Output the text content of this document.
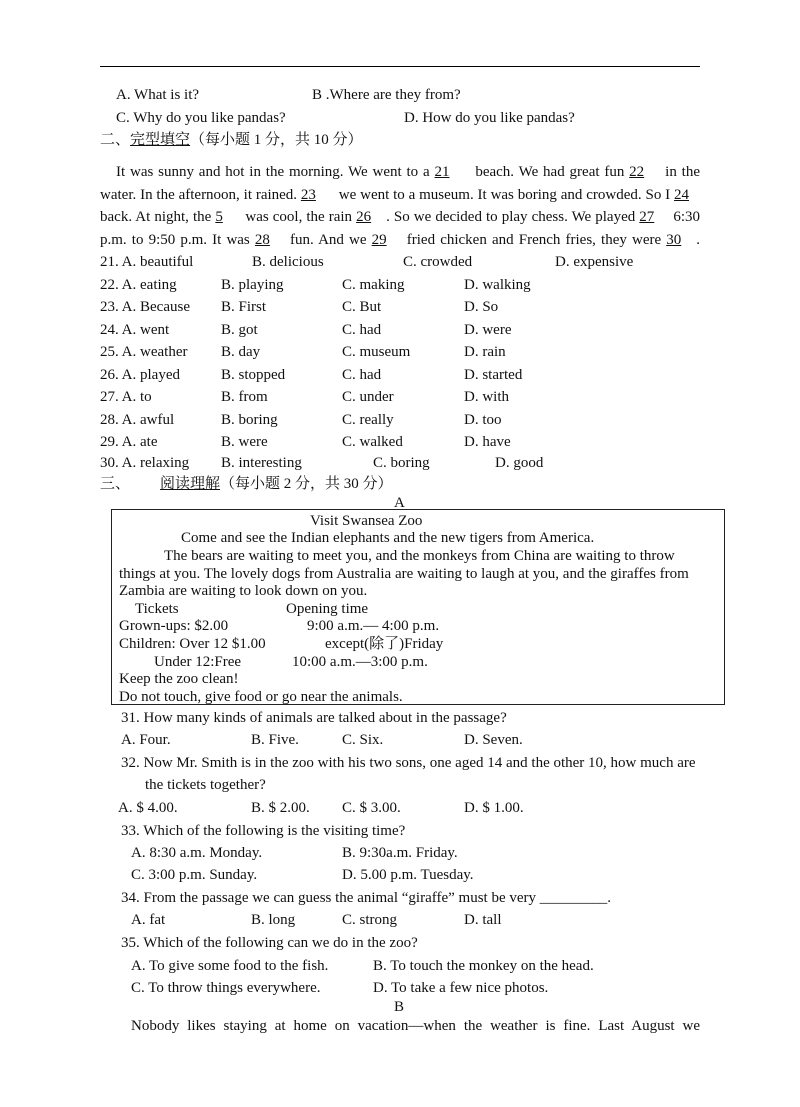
A. What is it?	B .Where are they from?
C. Why do you like pandas?	D. How do you like pandas?
二、完型填空（每小题 1 分，共 10 分）
It was sunny and hot in the morning. We went to a 21 beach. We had great fun 22 in the
water. In the afternoon, it rained. 23 we went to a museum. It was boring and crowded. So I 24
back. At night, the 5 was cool, the rain 26 . So we decided to play chess. We played 27 6:30
p.m. to 9:50 p.m. It was 28 fun. And we 29 fried chicken and French fries, they were 30 .
21. A. beautiful	B. delicious	C. crowded	D. expensive
22. A. eating	B. playing	C. making	D. walking
23. A. Because B. First	C. But	D. So
24. A. went	B. got	C. had	D. were
25. A. weather B. day	C. museum	D. rain
26. A. played	B. stopped	C. had	D. started
27. A. to	B. from	C. under	D. with
28. A. awful	B. boring	C. really	D. too
29. A. ate	B. were	C. walked	D. have
30. A. relaxing B. interesting	C. boring	D. good
三、 阅读理解（每小题 2 分，共 30 分）
A
Visit Swansea Zoo
Come and see the Indian elephants and the new tigers from America.
The bears are waiting to meet you, and the monkeys from China are waiting to throw
things at you. The lovely dogs from Australia are waiting to laugh at you, and the giraffes from
Zambia are waiting to look down on you.
Tickets	Opening time
Grown-ups: $2.00	9:00 a.m.— 4:00 p.m.
Children: Over 12 $1.00	except(除了)Friday
Under 12:Free	10:00 a.m.—3:00 p.m.
Keep the zoo clean!
Do not touch, give food or go near the animals.
31. How many kinds of animals are talked about in the passage?
A. Four.	B. Five.	C. Six.	D. Seven.
32. Now Mr. Smith is in the zoo with his two sons, one aged 14 and the other 10, how much are
the tickets together?
A. $ 4.00.	B. $ 2.00. C. $ 3.00.	D. $ 1.00.
33. Which of the following is the visiting time?
A. 8:30 a.m. Monday.	B. 9:30a.m. Friday.
C. 3:00 p.m. Sunday.	D. 5.00 p.m. Tuesday.
34. From the passage we can guess the animal “giraffe” must be very _________.
A. fat	B. long	C. strong	D. tall
35. Which of the following can we do in the zoo?
A. To give some food to the fish.	B. To touch the monkey on the head.
C. To throw things everywhere.	D. To take a few nice photos.
B
Nobody likes staying at home on vacation—when the weather is fine. Last August we
